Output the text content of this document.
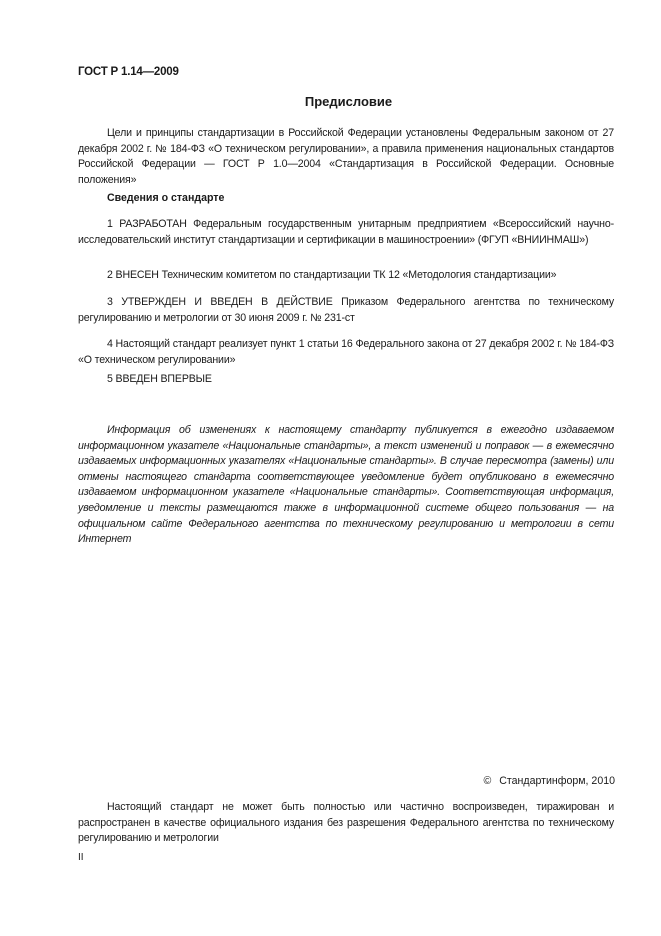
ГОСТ Р 1.14—2009
Предисловие
Цели и принципы стандартизации в Российской Федерации установлены Федеральным законом от 27 декабря 2002 г. № 184-ФЗ «О техническом регулировании», а правила применения национальных стандартов Российской Федерации — ГОСТ Р 1.0—2004 «Стандартизация в Российской Федерации. Основные положения»
Сведения о стандарте
1 РАЗРАБОТАН Федеральным государственным унитарным предприятием «Всероссийский научно-исследовательский институт стандартизации и сертификации в машиностроении» (ФГУП «ВНИИНМАШ»)
2 ВНЕСЕН Техническим комитетом по стандартизации ТК 12 «Методология стандартизации»
3 УТВЕРЖДЕН И ВВЕДЕН В ДЕЙСТВИЕ Приказом Федерального агентства по техническому регулированию и метрологии от 30 июня 2009 г. № 231-ст
4 Настоящий стандарт реализует пункт 1 статьи 16 Федерального закона от 27 декабря 2002 г. № 184-ФЗ «О техническом регулировании»
5 ВВЕДЕН ВПЕРВЫЕ
Информация об изменениях к настоящему стандарту публикуется в ежегодно издаваемом информационном указателе «Национальные стандарты», а текст изменений и поправок — в ежемесячно издаваемых информационных указателях «Национальные стандарты». В случае пересмотра (замены) или отмены настоящего стандарта соответствующее уведомление будет опубликовано в ежемесячно издаваемом информационном указателе «Национальные стандарты». Соответствующая информация, уведомление и тексты размещаются также в информационной системе общего пользования — на официальном сайте Федерального агентства по техническому регулированию и метрологии в сети Интернет
© Стандартинформ, 2010
Настоящий стандарт не может быть полностью или частично воспроизведен, тиражирован и распространен в качестве официального издания без разрешения Федерального агентства по техническому регулированию и метрологии
II
